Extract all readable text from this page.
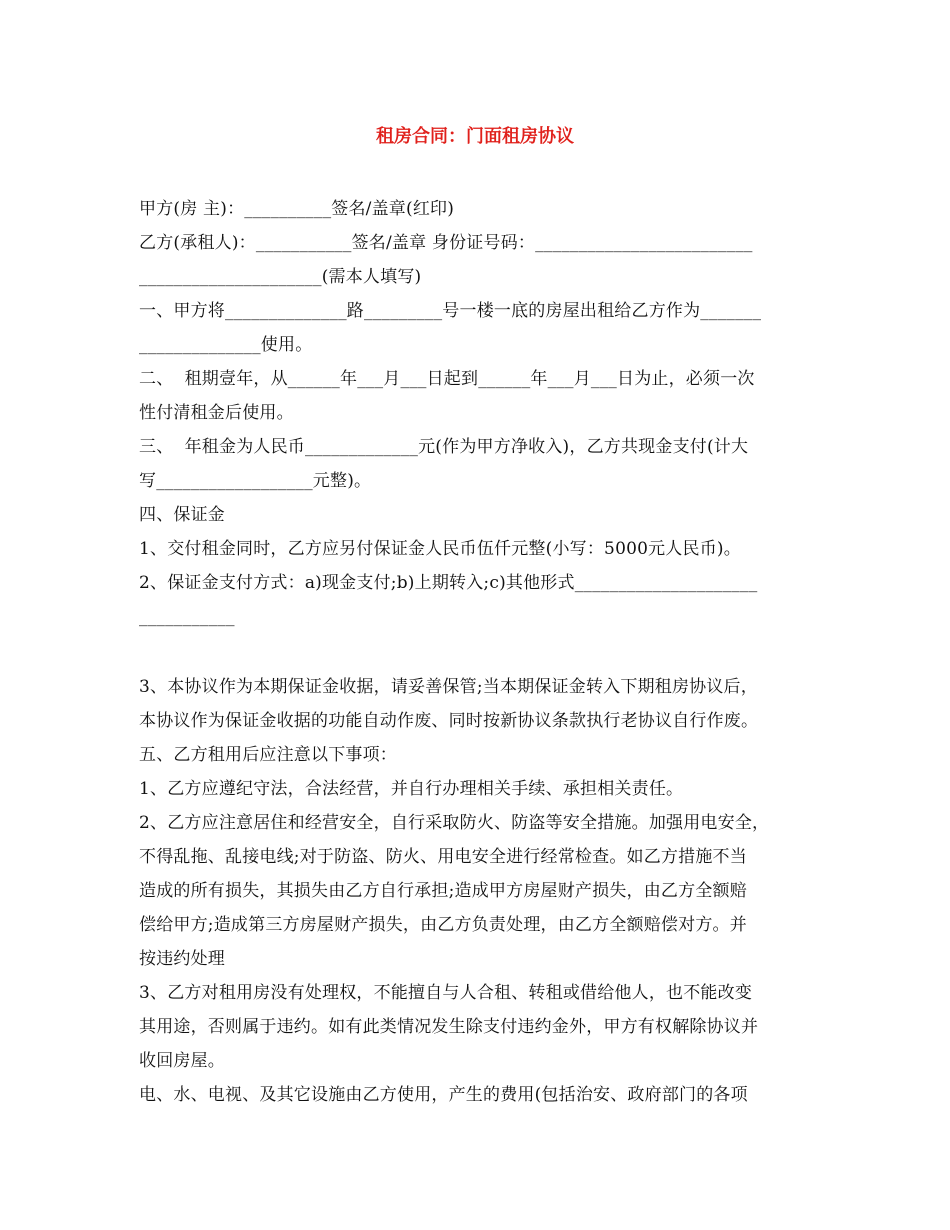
租房合同：门面租房协议
甲方(房 主)：__________签名/盖章(红印)
乙方(承租人)：___________签名/盖章 身份证号码：_________________________
_____________________(需本人填写)
一、甲方将______________路_________号一楼一底的房屋出租给乙方作为_______
______________使用。
二、  租期壹年，从______年___月___日起到______年___月___日为止，必须一次
性付清租金后使用。
三、  年租金为人民币_____________元(作为甲方净收入)，乙方共现金支付(计大
写__________________元整)。
四、保证金
1、交付租金同时，乙方应另付保证金人民币伍仟元整(小写：5000元人民币)。
2、保证金支付方式：a)现金支付;b)上期转入;c)其他形式_____________________
___________
3、本协议作为本期保证金收据，请妥善保管;当本期保证金转入下期租房协议后，
本协议作为保证金收据的功能自动作废、同时按新协议条款执行老协议自行作废。
五、乙方租用后应注意以下事项：
1、乙方应遵纪守法，合法经营，并自行办理相关手续、承担相关责任。
2、乙方应注意居住和经营安全，自行采取防火、防盗等安全措施。加强用电安全，
不得乱拖、乱接电线;对于防盗、防火、用电安全进行经常检查。如乙方措施不当
造成的所有损失，其损失由乙方自行承担;造成甲方房屋财产损失，由乙方全额赔
偿给甲方;造成第三方房屋财产损失，由乙方负责处理，由乙方全额赔偿对方。并
按违约处理
3、乙方对租用房没有处理权，不能擅自与人合租、转租或借给他人，也不能改变
其用途，否则属于违约。如有此类情况发生除支付违约金外，甲方有权解除协议并
收回房屋。
电、水、电视、及其它设施由乙方使用，产生的费用(包括治安、政府部门的各项
